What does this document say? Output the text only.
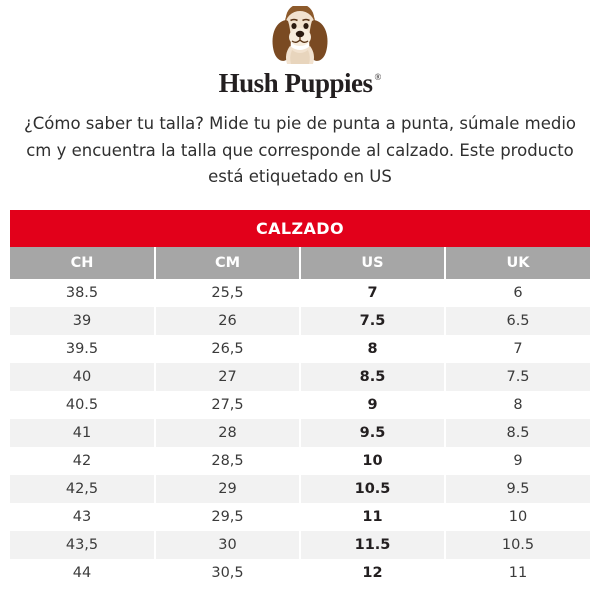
Hush Puppies ®

¿Cómo saber tu talla? Mide tu pie de punta a punta, súmale medio cm y encuentra la talla que corresponde al calzado. Este producto está etiquetado en US

CALZADO
CH	CM	US	UK
38.5	25,5	7	6
39	26	7.5	6.5
39.5	26,5	8	7
40	27	8.5	7.5
40.5	27,5	9	8
41	28	9.5	8.5
42	28,5	10	9
42,5	29	10.5	9.5
43	29,5	11	10
43,5	30	11.5	10.5
44	30,5	12	11
